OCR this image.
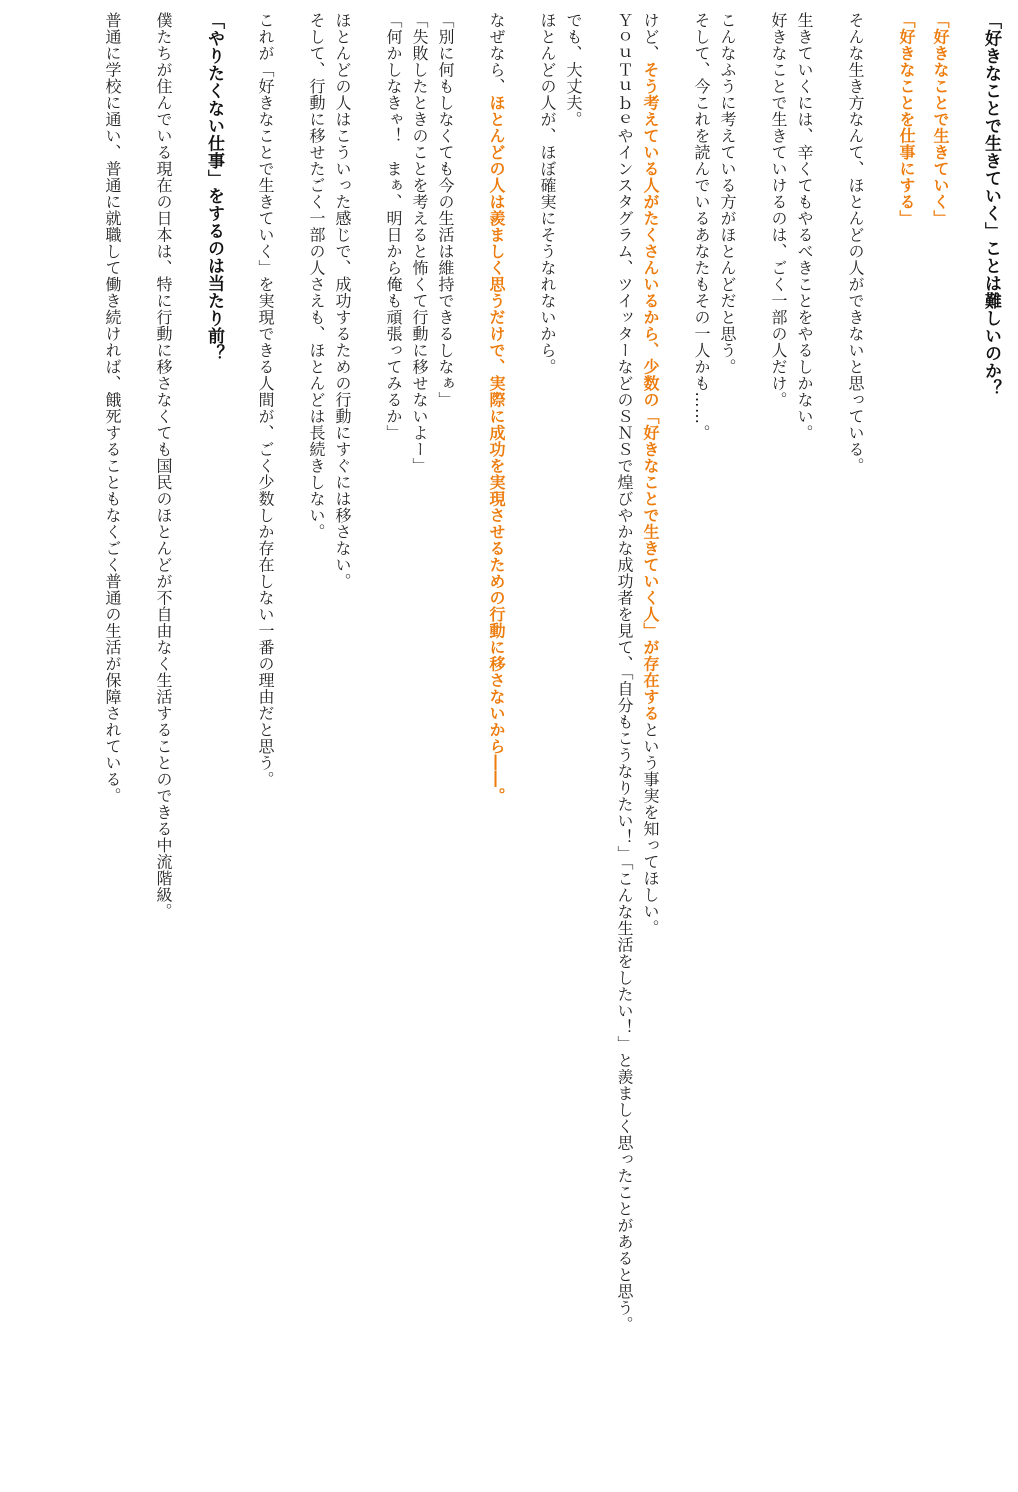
「好きなことで生きていく」ことは難しいのか？

「好きなことで生きていく」

「好きなことを仕事にする」

そんな生き方なんて、ほとんどの人ができないと思っている。

生きていくには、辛くてもやるべきことをやるしかない。

好きなことで生きていけるのは、ごく一部の人だけ。

こんなふうに考えている方がほとんどだと思う。

そして、今これを読んでいるあなたもその一人かも……。

けど、そう考えている人がたくさんいるから、少数の「好きなことで生きていく人」が存在するという事実を知ってほしい。

ＹｏｕＴｕｂｅやインスタグラム、ツイッターなどのＳＮＳで煌びやかな成功者を見て、「自分もこうなりたい！」「こんな生活をしたい！」と羨ましく思ったことがあると思う。

でも、大丈夫。

ほとんどの人が、ほぼ確実にそうなれないから。

なぜなら、ほとんどの人は羨ましく思うだけで、実際に成功を実現させるための行動に移さないから――。

「別に何もしなくても今の生活は維持できるしなぁ」

「失敗したときのことを考えると怖くて行動に移せないよー」

「何かしなきゃ！　まぁ、明日から俺も頑張ってみるか」

ほとんどの人はこういった感じで、成功するための行動にすぐには移さない。

そして、行動に移せたごく一部の人さえも、ほとんどは長続きしない。

これが「好きなことで生きていく」を実現できる人間が、ごく少数しか存在しない一番の理由だと思う。

「やりたくない仕事」をするのは当たり前？

僕たちが住んでいる現在の日本は、特に行動に移さなくても国民のほとんどが不自由なく生活することのできる中流階級。

普通に学校に通い、普通に就職して働き続ければ、餓死することもなくごく普通の生活が保障されている。
